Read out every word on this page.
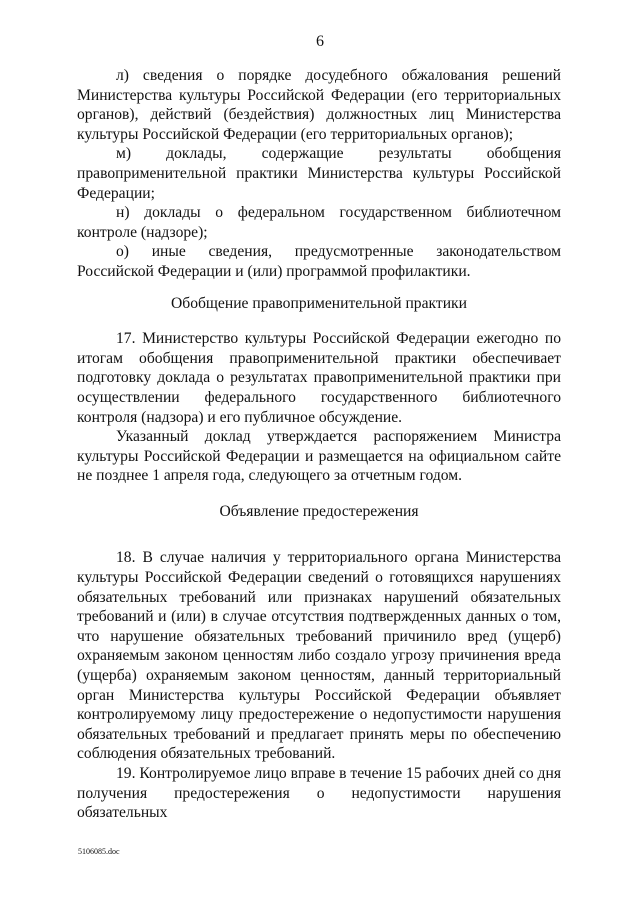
6

л) сведения о порядке досудебного обжалования решений Министерства культуры Российской Федерации (его территориальных органов), действий (бездействия) должностных лиц Министерства культуры Российской Федерации (его территориальных органов);

м) доклады, содержащие результаты обобщения правоприменительной практики Министерства культуры Российской Федерации;

н) доклады о федеральном государственном библиотечном контроле (надзоре);

о) иные сведения, предусмотренные законодательством Российской Федерации и (или) программой профилактики.

Обобщение правоприменительной практики

17. Министерство культуры Российской Федерации ежегодно по итогам обобщения правоприменительной практики обеспечивает подготовку доклада о результатах правоприменительной практики при осуществлении федерального государственного библиотечного контроля (надзора) и его публичное обсуждение.

Указанный доклад утверждается распоряжением Министра культуры Российской Федерации и размещается на официальном сайте не позднее 1 апреля года, следующего за отчетным годом.

Объявление предостережения

18. В случае наличия у территориального органа Министерства культуры Российской Федерации сведений о готовящихся нарушениях обязательных требований или признаках нарушений обязательных требований и (или) в случае отсутствия подтвержденных данных о том, что нарушение обязательных требований причинило вред (ущерб) охраняемым законом ценностям либо создало угрозу причинения вреда (ущерба) охраняемым законом ценностям, данный территориальный орган Министерства культуры Российской Федерации объявляет контролируемому лицу предостережение о недопустимости нарушения обязательных требований и предлагает принять меры по обеспечению соблюдения обязательных требований.

19. Контролируемое лицо вправе в течение 15 рабочих дней со дня получения предостережения о недопустимости нарушения обязательных

5106085.doc
